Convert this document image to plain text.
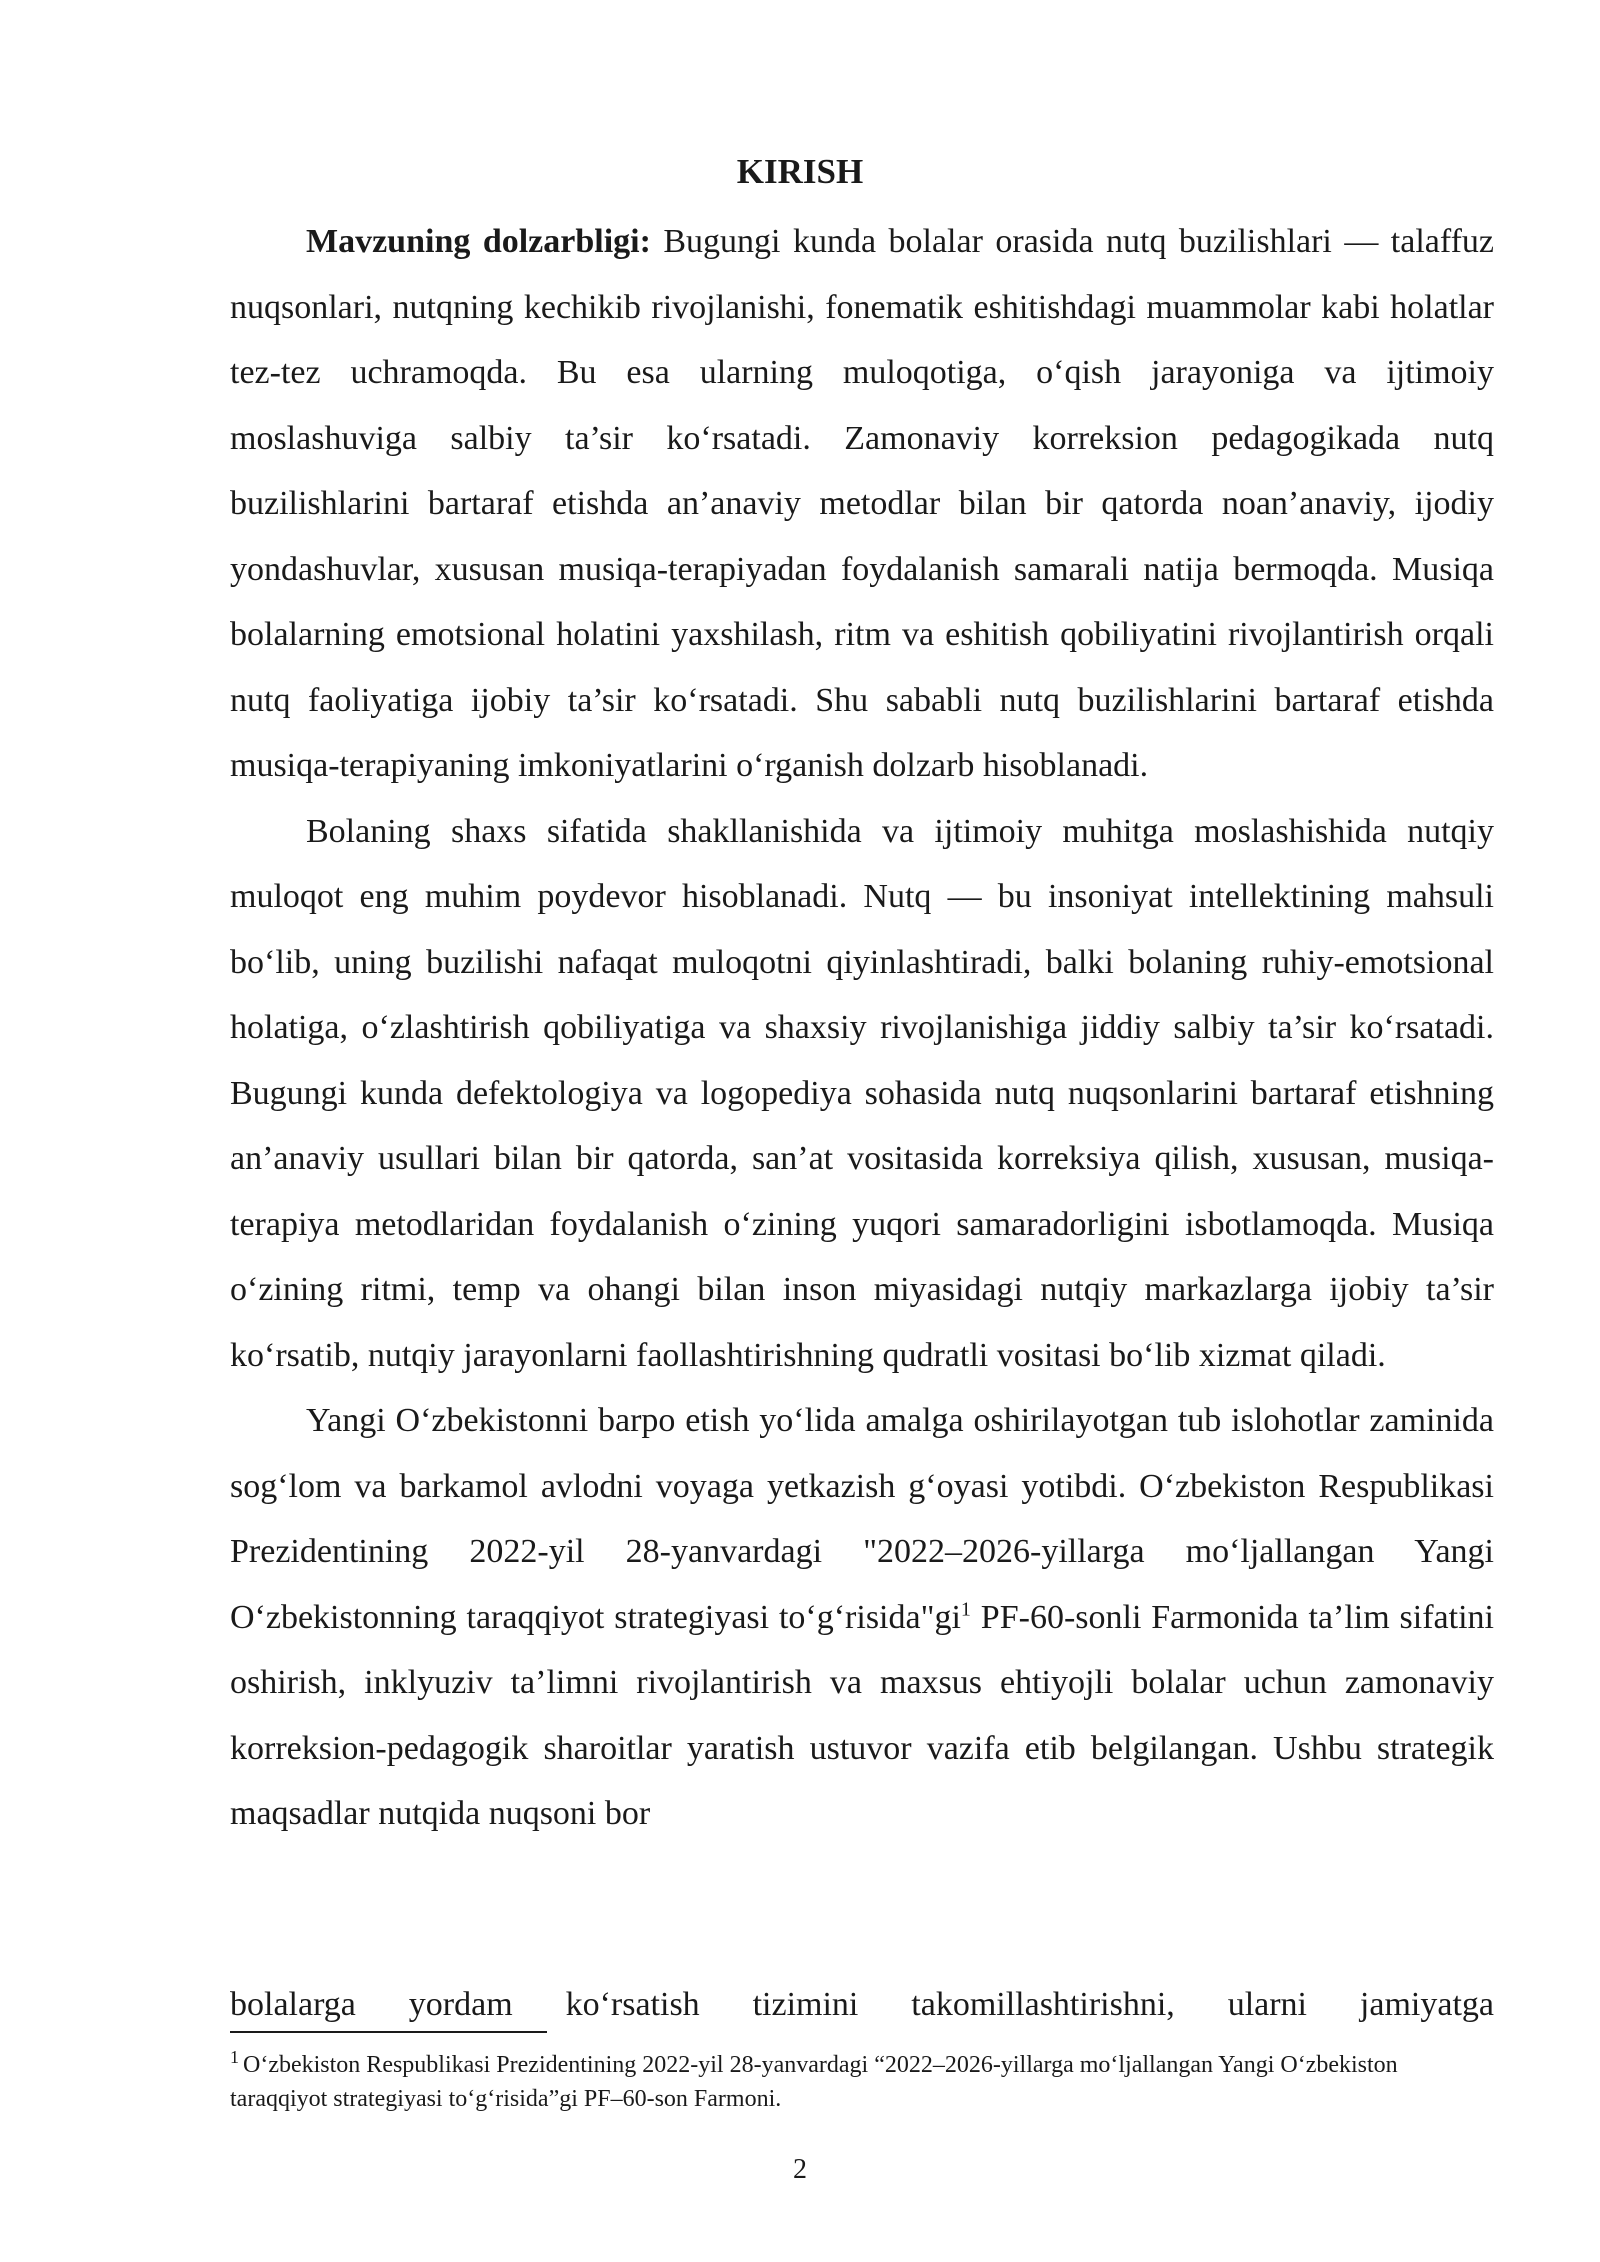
KIRISH

Mavzuning dolzarbligi: Bugungi kunda bolalar orasida nutq buzilishlari — talaffuz nuqsonlari, nutqning kechikib rivojlanishi, fonematik eshitishdagi muammolar kabi holatlar tez-tez uchramoqda. Bu esa ularning muloqotiga, o‘qish jarayoniga va ijtimoiy moslashuviga salbiy ta’sir ko‘rsatadi. Zamonaviy korreksion pedagogikada nutq buzilishlarini bartaraf etishda an’anaviy metodlar bilan bir qatorda noan’anaviy, ijodiy yondashuvlar, xususan musiqa-terapiyadan foydalanish samarali natija bermoqda. Musiqa bolalarning emotsional holatini yaxshilash, ritm va eshitish qobiliyatini rivojlantirish orqali nutq faoliyatiga ijobiy ta’sir ko‘rsatadi. Shu sababli nutq buzilishlarini bartaraf etishda musiqa-terapiyaning imkoniyatlarini o‘rganish dolzarb hisoblanadi.

Bolaning shaxs sifatida shakllanishida va ijtimoiy muhitga moslashishida nutqiy muloqot eng muhim poydevor hisoblanadi. Nutq — bu insoniyat intellektining mahsuli bo‘lib, uning buzilishi nafaqat muloqotni qiyinlashtiradi, balki bolaning ruhiy-emotsional holatiga, o‘zlashtirish qobiliyatiga va shaxsiy rivojlanishiga jiddiy salbiy ta’sir ko‘rsatadi. Bugungi kunda defektologiya va logopediya sohasida nutq nuqsonlarini bartaraf etishning an’anaviy usullari bilan bir qatorda, san’at vositasida korreksiya qilish, xususan, musiqa-terapiya metodlaridan foydalanish o‘zining yuqori samaradorligini isbotlamoqda. Musiqa o‘zining ritmi, temp va ohangi bilan inson miyasidagi nutqiy markazlarga ijobiy ta’sir ko‘rsatib, nutqiy jarayonlarni faollashtirishning qudratli vositasi bo‘lib xizmat qiladi.

Yangi O‘zbekistonni barpo etish yo‘lida amalga oshirilayotgan tub islohotlar zaminida sog‘lom va barkamol avlodni voyaga yetkazish g‘oyasi yotibdi. O‘zbekiston Respublikasi Prezidentining 2022-yil 28-yanvardagi "2022–2026-yillarga mo‘ljallangan Yangi O‘zbekistonning taraqqiyot strategiyasi to‘g‘risida"gi$^1$ PF-60-sonli Farmonida ta’lim sifatini oshirish, inklyuziv ta’limni rivojlantirish va maxsus ehtiyojli bolalar uchun zamonaviy korreksion-pedagogik sharoitlar yaratish ustuvor vazifa etib belgilangan. Ushbu strategik maqsadlar nutqida nuqsoni bor

bolalarga yordam ko‘rsatish tizimini takomillashtirishni, ularni jamiyatga
$^1$ O‘zbekiston Respublikasi Prezidentining 2022-yil 28-yanvardagi “2022–2026-yillarga mo‘ljallangan Yangi O‘zbekiston taraqqiyot strategiyasi to‘g‘risida”gi PF–60-son Farmoni.
2
